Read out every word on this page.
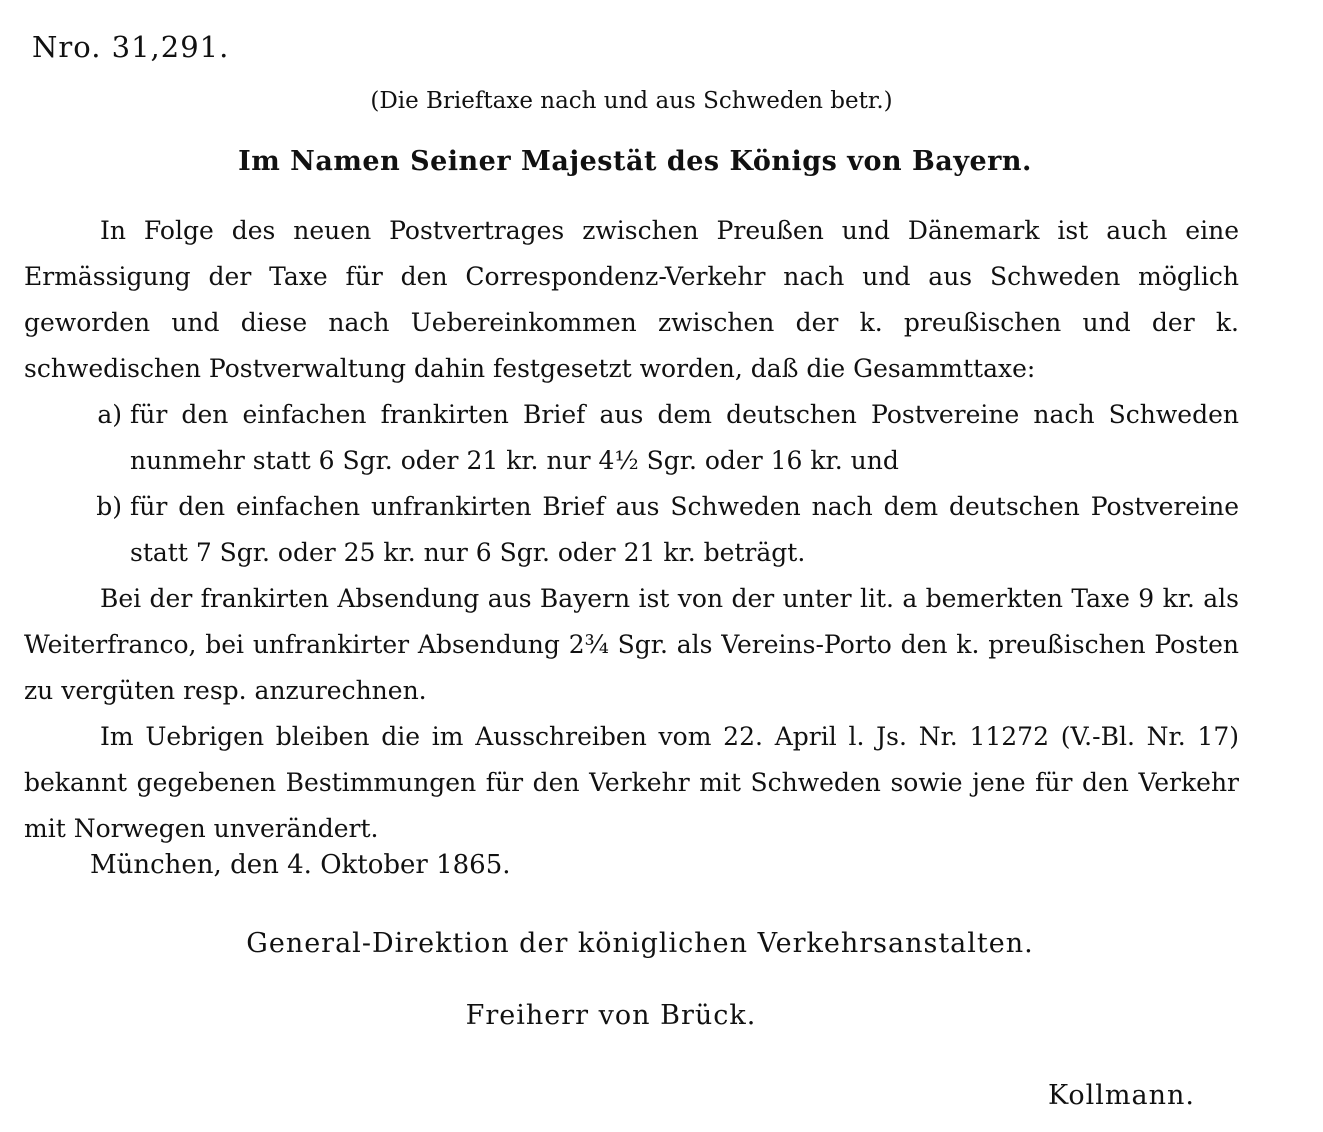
Nro. 31,291.
(Die Brieftaxe nach und aus Schweden betr.)
Im Namen Seiner Majestät des Königs von Bayern.

In Folge des neuen Postvertrages zwischen Preußen und Dänemark ist auch eine Ermässigung der Taxe für den Correspondenz-Verkehr nach und aus Schweden möglich geworden und diese nach Uebereinkommen zwischen der k. preußischen und der k. schwedischen Postverwaltung dahin festgesetzt worden, daß die Gesammttaxe:

a) für den einfachen frankirten Brief aus dem deutschen Postvereine nach Schweden nunmehr statt 6 Sgr. oder 21 kr. nur 4½ Sgr. oder 16 kr. und
b) für den einfachen unfrankirten Brief aus Schweden nach dem deutschen Postvereine statt 7 Sgr. oder 25 kr. nur 6 Sgr. oder 21 kr. beträgt.

Bei der frankirten Absendung aus Bayern ist von der unter lit. a bemerkten Taxe 9 kr. als Weiterfranco, bei unfrankirter Absendung 2¾ Sgr. als Vereins-Porto den k. preußischen Posten zu vergüten resp. anzurechnen.

Im Uebrigen bleiben die im Ausschreiben vom 22. April l. Js. Nr. 11272 (V.-Bl. Nr. 17) bekannt gegebenen Bestimmungen für den Verkehr mit Schweden sowie jene für den Verkehr mit Norwegen unverändert.

München, den 4. Oktober 1865.
General-Direktion der königlichen Verkehrsanstalten.
Freiherr von Brück.
Kollmann.
